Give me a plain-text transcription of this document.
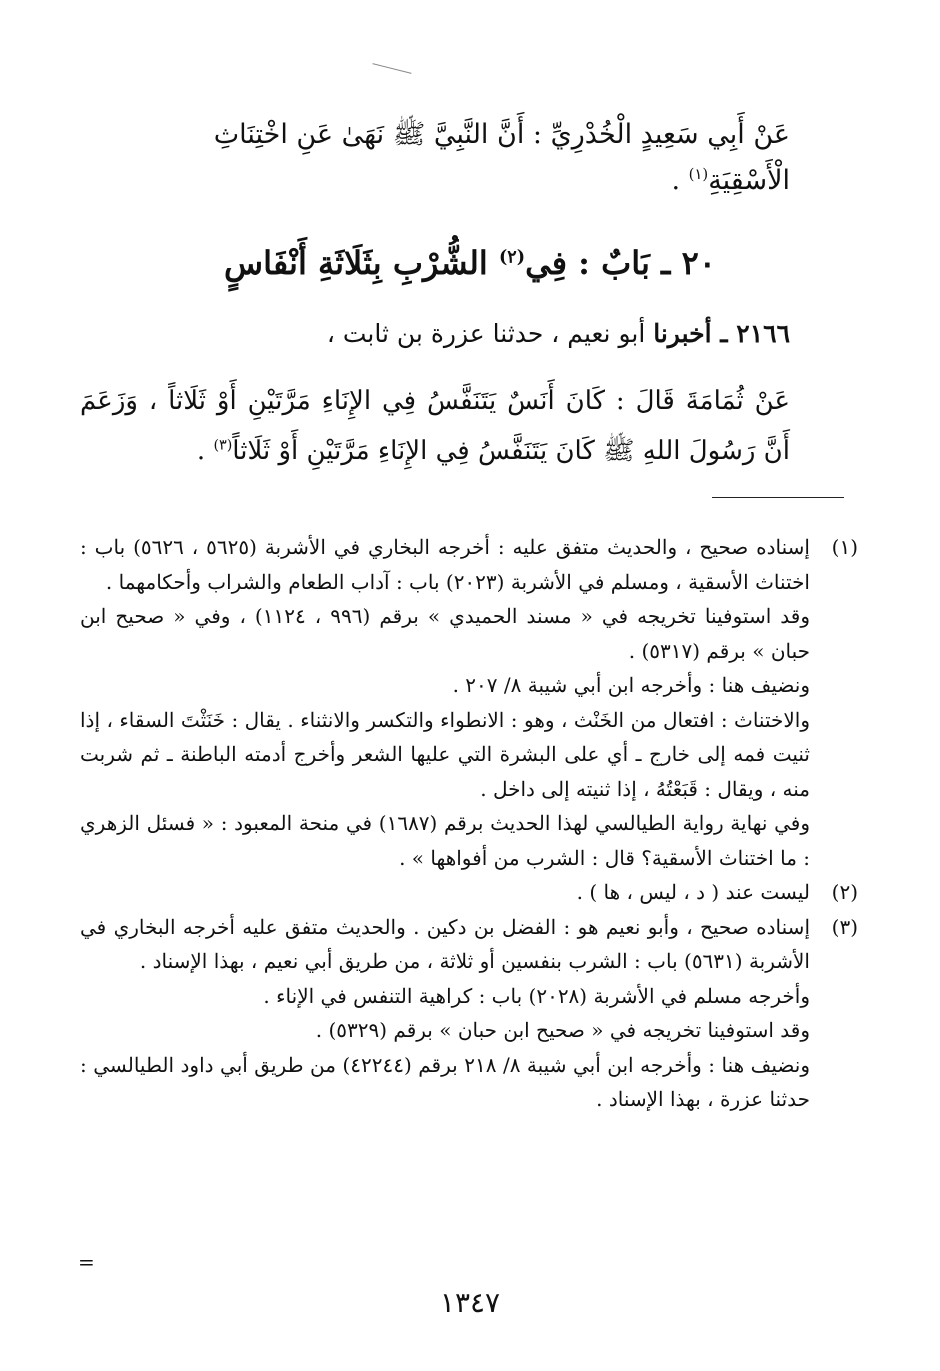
عَنْ أَبِي سَعِيدٍ الْخُدْرِيِّ : أَنَّ النَّبِيَّ ﷺ نَهَىٰ عَنِ اخْتِنَاثِ الْأَسْقِيَةِ$^{(١)}$ .
٢٠ ـ بَابٌ : فِي$^{(٢)}$ الشُّرْبِ بِثَلَاثَةِ أَنْفَاسٍ
٢١٦٦ ـ أخبرنا أبو نعيم ، حدثنا عزرة بن ثابت ،
عَنْ ثُمَامَةَ قَالَ : كَانَ أَنَسٌ يَتَنَفَّسُ فِي الإِنَاءِ مَرَّتَيْنِ أَوْ ثَلَاثاً ، وَزَعَمَ أَنَّ رَسُولَ اللهِ ﷺ كَانَ يَتَنَفَّسُ فِي الإِنَاءِ مَرَّتَيْنِ أَوْ ثَلَاثاً$^{(٣)}$ .
(١)

إسناده صحيح ، والحديث متفق عليه : أخرجه البخاري في الأشربة (٥٦٢٥ ، ٥٦٢٦) باب : اختناث الأسقية ، ومسلم في الأشربة (٢٠٢٣) باب : آداب الطعام والشراب وأحكامهما .

وقد استوفينا تخريجه في « مسند الحميدي » برقم (٩٩٦ ، ١١٢٤) ، وفي « صحيح ابن حبان » برقم (٥٣١٧) .

ونضيف هنا : وأخرجه ابن أبي شيبة ٨/ ٢٠٧ .

والاختناث : افتعال من الخَنْث ، وهو : الانطواء والتكسر والانثناء . يقال : خَنَثْتَ السقاء ، إذا ثنيت فمه إلى خارج ـ أي على البشرة التي عليها الشعر وأخرج أدمته الباطنة ـ ثم شربت منه ، ويقال : قَبَعْتُهُ ، إذا ثنيته إلى داخل .

وفي نهاية رواية الطيالسي لهذا الحديث برقم (١٦٨٧) في منحة المعبود : « فسئل الزهري : ما اختناث الأسقية؟ قال : الشرب من أفواهها » .

(٢)

ليست عند ( د ، ليس ، ها ) .

(٣)

إسناده صحيح ، وأبو نعيم هو : الفضل بن دكين . والحديث متفق عليه أخرجه البخاري في الأشربة (٥٦٣١) باب : الشرب بنفسين أو ثلاثة ، من طريق أبي نعيم ، بهذا الإسناد .

وأخرجه مسلم في الأشربة (٢٠٢٨) باب : كراهية التنفس في الإناء .

وقد استوفينا تخريجه في « صحيح ابن حبان » برقم (٥٣٢٩) .

ونضيف هنا : وأخرجه ابن أبي شيبة ٨/ ٢١٨ برقم (٤٢٢٤٤) من طريق أبي داود الطيالسي : حدثنا عزرة ، بهذا الإسناد .

=
١٣٤٧
